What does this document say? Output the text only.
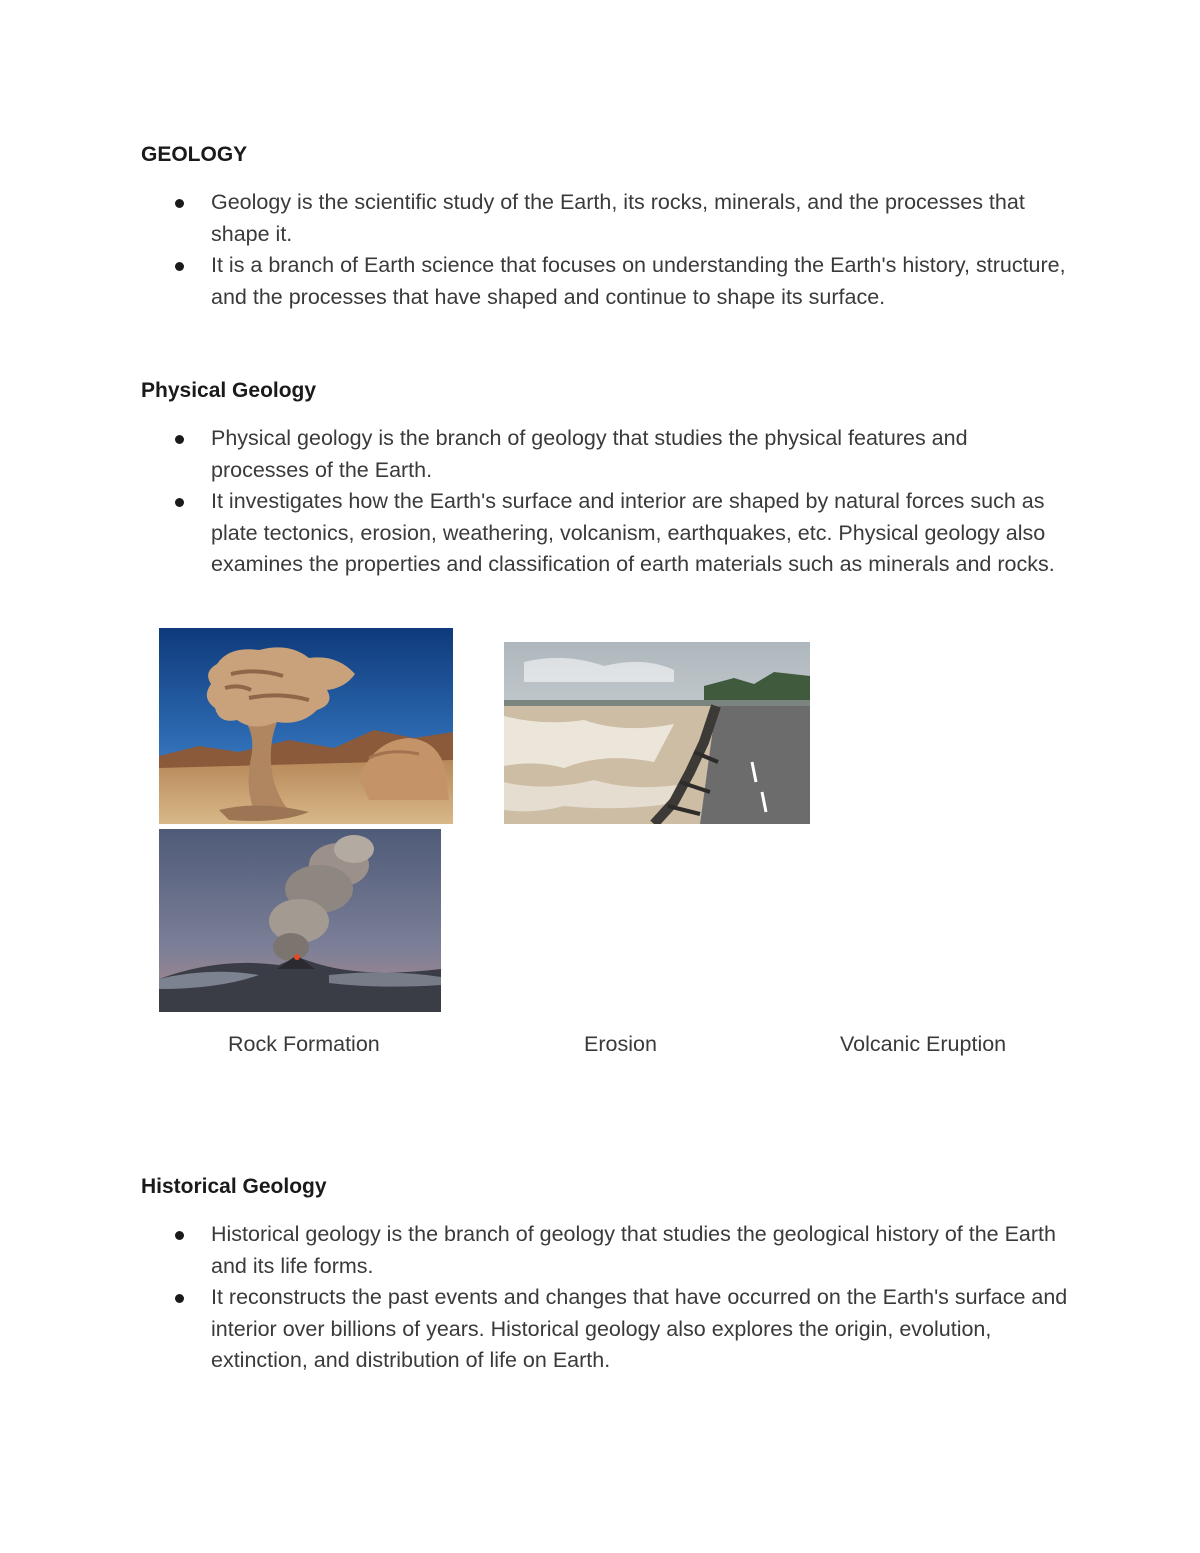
GEOLOGY
Geology is the scientific study of the Earth, its rocks, minerals, and the processes that shape it.
It is a branch of Earth science that focuses on understanding the Earth's history, structure, and the processes that have shaped and continue to shape its surface.
Physical Geology
Physical geology is the branch of geology that studies the physical features and processes of the Earth.
It investigates how the Earth's surface and interior are shaped by natural forces such as plate tectonics, erosion, weathering, volcanism, earthquakes, etc. Physical geology also examines the properties and classification of earth materials such as minerals and rocks.
Rock Formation	Erosion	Volcanic Eruption
Historical Geology
Historical geology is the branch of geology that studies the geological history of the Earth and its life forms.
It reconstructs the past events and changes that have occurred on the Earth's surface and interior over billions of years. Historical geology also explores the origin, evolution, extinction, and distribution of life on Earth.
